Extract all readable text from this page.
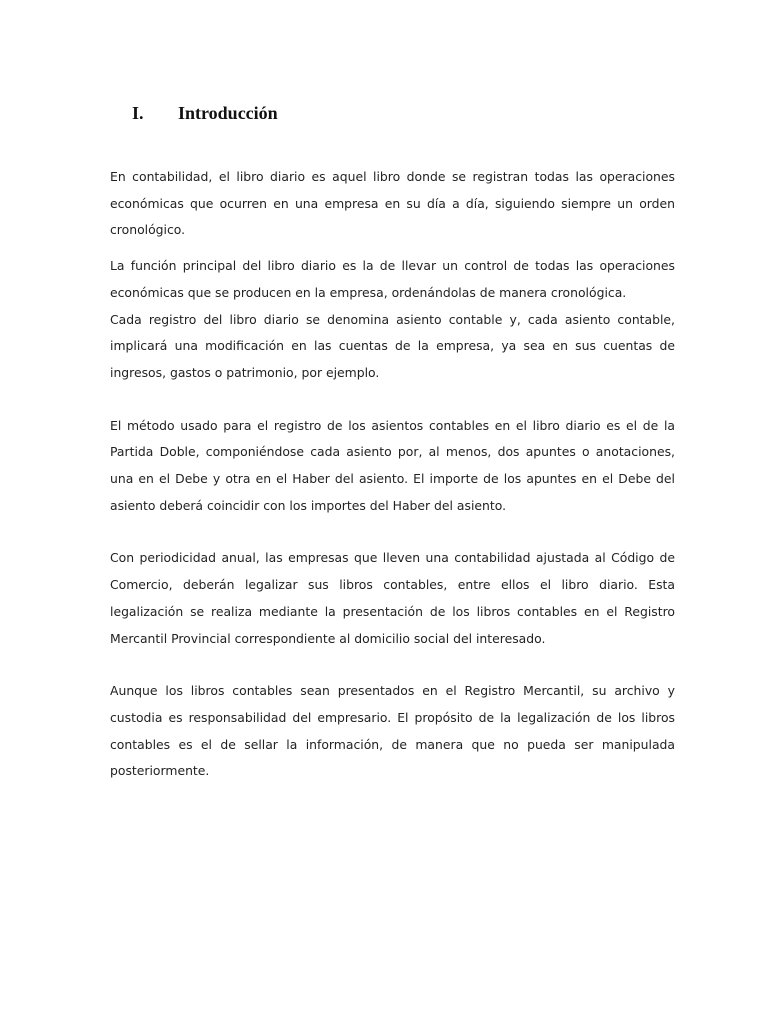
I. Introducción

En contabilidad, el libro diario es aquel libro donde se registran todas las operaciones económicas que ocurren en una empresa en su día a día, siguiendo siempre un orden cronológico.

La función principal del libro diario es la de llevar un control de todas las operaciones económicas que se producen en la empresa, ordenándolas de manera cronológica.

Cada registro del libro diario se denomina asiento contable y, cada asiento contable, implicará una modificación en las cuentas de la empresa, ya sea en sus cuentas de ingresos, gastos o patrimonio, por ejemplo.

El método usado para el registro de los asientos contables en el libro diario es el de la Partida Doble, componiéndose cada asiento por, al menos, dos apuntes o anotaciones, una en el Debe y otra en el Haber del asiento. El importe de los apuntes en el Debe del asiento deberá coincidir con los importes del Haber del asiento.

Con periodicidad anual, las empresas que lleven una contabilidad ajustada al Código de Comercio, deberán legalizar sus libros contables, entre ellos el libro diario. Esta legalización se realiza mediante la presentación de los libros contables en el Registro Mercantil Provincial correspondiente al domicilio social del interesado.

Aunque los libros contables sean presentados en el Registro Mercantil, su archivo y custodia es responsabilidad del empresario. El propósito de la legalización de los libros contables es el de sellar la información, de manera que no pueda ser manipulada posteriormente.
